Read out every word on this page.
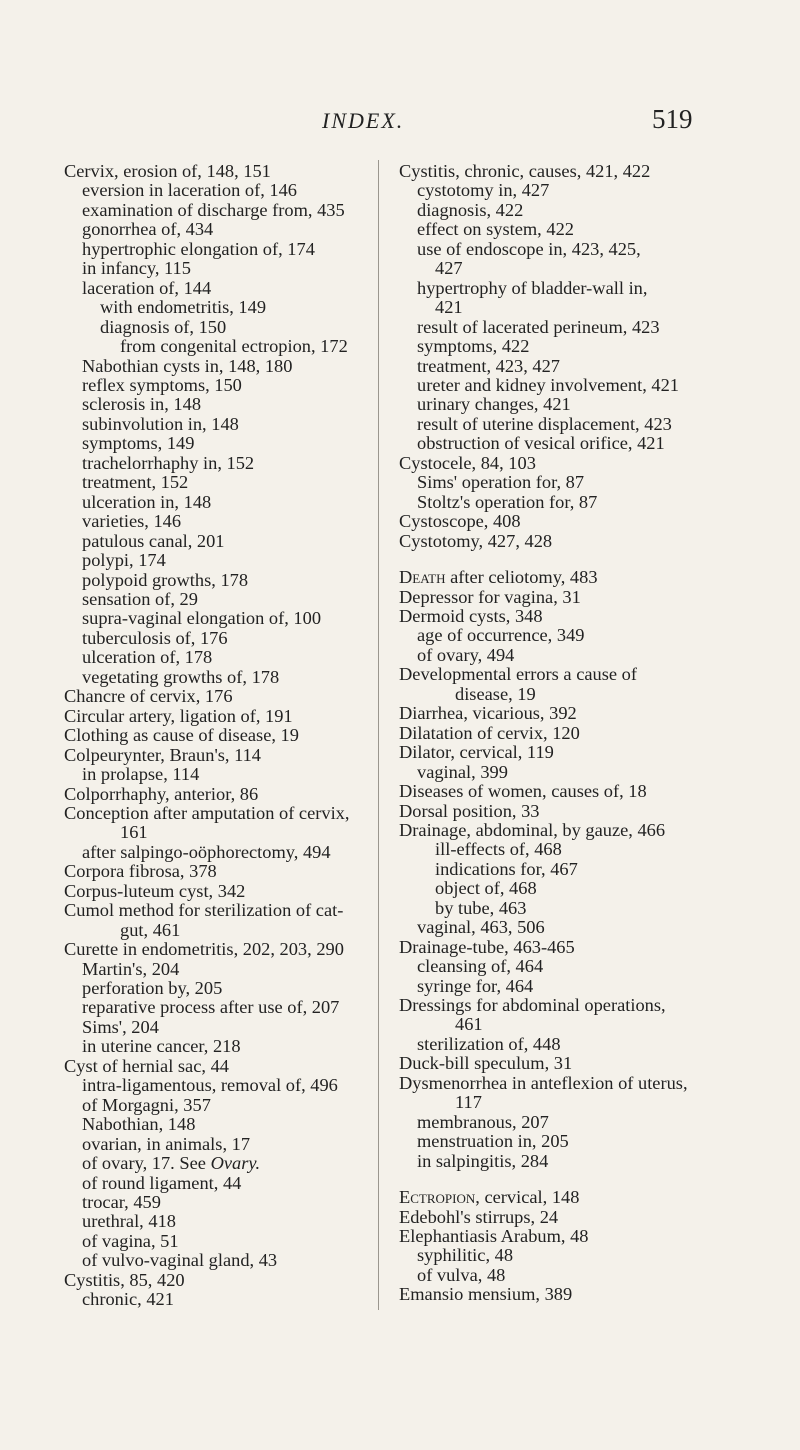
INDEX.	519
Cervix, erosion of, 148, 151
eversion in laceration of, 146
examination of discharge from, 435
gonorrhea of, 434
hypertrophic elongation of, 174
in infancy, 115
laceration of, 144
with endometritis, 149
diagnosis of, 150
from congenital ectropion, 172
Nabothian cysts in, 148, 180
reflex symptoms, 150
sclerosis in, 148
subinvolution in, 148
symptoms, 149
trachelorrhaphy in, 152
treatment, 152
ulceration in, 148
varieties, 146
patulous canal, 201
polypi, 174
polypoid growths, 178
sensation of, 29
supra-vaginal elongation of, 100
tuberculosis of, 176
ulceration of, 178
vegetating growths of, 178
Chancre of cervix, 176
Circular artery, ligation of, 191
Clothing as cause of disease, 19
Colpeurynter, Braun's, 114
in prolapse, 114
Colporrhaphy, anterior, 86
Conception after amputation of cervix,
161
after salpingo-oöphorectomy, 494
Corpora fibrosa, 378
Corpus-luteum cyst, 342
Cumol method for sterilization of cat-
gut, 461
Curette in endometritis, 202, 203, 290
Martin's, 204
perforation by, 205
reparative process after use of, 207
Sims', 204
in uterine cancer, 218
Cyst of hernial sac, 44
intra-ligamentous, removal of, 496
of Morgagni, 357
Nabothian, 148
ovarian, in animals, 17
of ovary, 17. See Ovary.
of round ligament, 44
trocar, 459
urethral, 418
of vagina, 51
of vulvo-vaginal gland, 43
Cystitis, 85, 420
chronic, 421
Cystitis, chronic, causes, 421, 422
cystotomy in, 427
diagnosis, 422
effect on system, 422
use of endoscope in, 423, 425,
427
hypertrophy of bladder-wall in,
421
result of lacerated perineum, 423
symptoms, 422
treatment, 423, 427
ureter and kidney involvement, 421
urinary changes, 421
result of uterine displacement, 423
obstruction of vesical orifice, 421
Cystocele, 84, 103
Sims' operation for, 87
Stoltz's operation for, 87
Cystoscope, 408
Cystotomy, 427, 428
Death after celiotomy, 483
Depressor for vagina, 31
Dermoid cysts, 348
age of occurrence, 349
of ovary, 494
Developmental errors a cause of
disease, 19
Diarrhea, vicarious, 392
Dilatation of cervix, 120
Dilator, cervical, 119
vaginal, 399
Diseases of women, causes of, 18
Dorsal position, 33
Drainage, abdominal, by gauze, 466
ill-effects of, 468
indications for, 467
object of, 468
by tube, 463
vaginal, 463, 506
Drainage-tube, 463-465
cleansing of, 464
syringe for, 464
Dressings for abdominal operations,
461
sterilization of, 448
Duck-bill speculum, 31
Dysmenorrhea in anteflexion of uterus,
117
membranous, 207
menstruation in, 205
in salpingitis, 284
Ectropion, cervical, 148
Edebohl's stirrups, 24
Elephantiasis Arabum, 48
syphilitic, 48
of vulva, 48
Emansio mensium, 389
